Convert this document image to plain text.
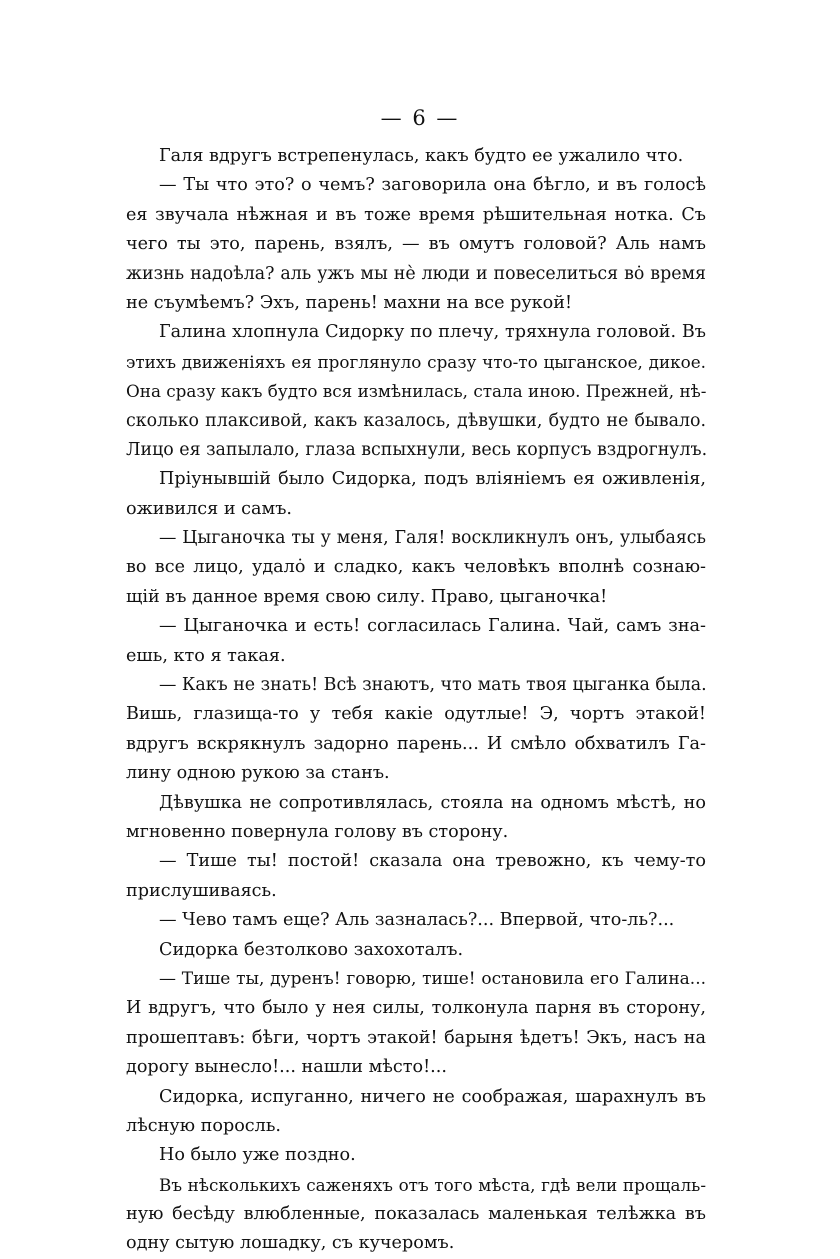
— 6 —
Галя вдругъ встрепенулась, какъ будто ее ужалило что.
— Ты что это? о чемъ? заговорила она бѣгло, и въ голосѣ
ея звучала нѣжная и въ тоже время рѣшительная нотка. Съ
чего ты это, парень, взялъ, — въ омутъ головой? Аль намъ
жизнь надоѣла? аль ужъ мы нѐ люди и повеселиться вȯ время
не съумѣемъ? Эхъ, парень! махни на все рукой!
Галина хлопнула Сидорку по плечу, тряхнула головой. Въ
этихъ движеніяхъ ея проглянуло сразу что-то цыганское, дикое.
Она сразу какъ будто вся измѣнилась, стала иною. Прежней, нѣ-
сколько плаксивой, какъ казалось, дѣвушки, будто не бывало.
Лицо ея запылало, глаза вспыхнули, весь корпусъ вздрогнулъ.
Пріунывшій было Сидорка, подъ вліяніемъ ея оживленія,
оживился и самъ.
— Цыганочка ты у меня, Галя! воскликнулъ онъ, улыбаясь
во все лицо, удалȯ и сладко, какъ человѣкъ вполнѣ сознаю-
щій въ данное время свою силу. Право, цыганочка!
— Цыганочка и есть! согласилась Галина. Чай, самъ зна-
ешь, кто я такая.
— Какъ не знать! Всѣ знаютъ, что мать твоя цыганка была.
Вишь, глазища-то у тебя какіе одутлые! Э, чортъ этакой!
вдругъ вскрякнулъ задорно парень... И смѣло обхватилъ Га-
лину одною рукою за станъ.
Дѣвушка не сопротивлялась, стояла на одномъ мѣстѣ, но
мгновенно повернула голову въ сторону.
— Тише ты! постой! сказала она тревожно, къ чему-то
прислушиваясь.
— Чево тамъ еще? Аль зазналась?... Впервой, что-ль?...
Сидорка безтолково захохоталъ.
— Тише ты, дуренъ! говорю, тише! остановила его Галина...
И вдругъ, что было у нея силы, толконула парня въ сторону,
прошептавъ: бѣги, чортъ этакой! барыня ѣдетъ! Экъ, насъ на
дорогу вынесло!... нашли мѣсто!...
Сидорка, испуганно, ничего не соображая, шарахнулъ въ
лѣсную поросль.
Но было уже поздно.
Въ нѣсколькихъ саженяхъ отъ того мѣста, гдѣ вели прощаль-
ную бесѣду влюбленные, показалась маленькая телѣжка въ
одну сытую лошадку, съ кучеромъ.
